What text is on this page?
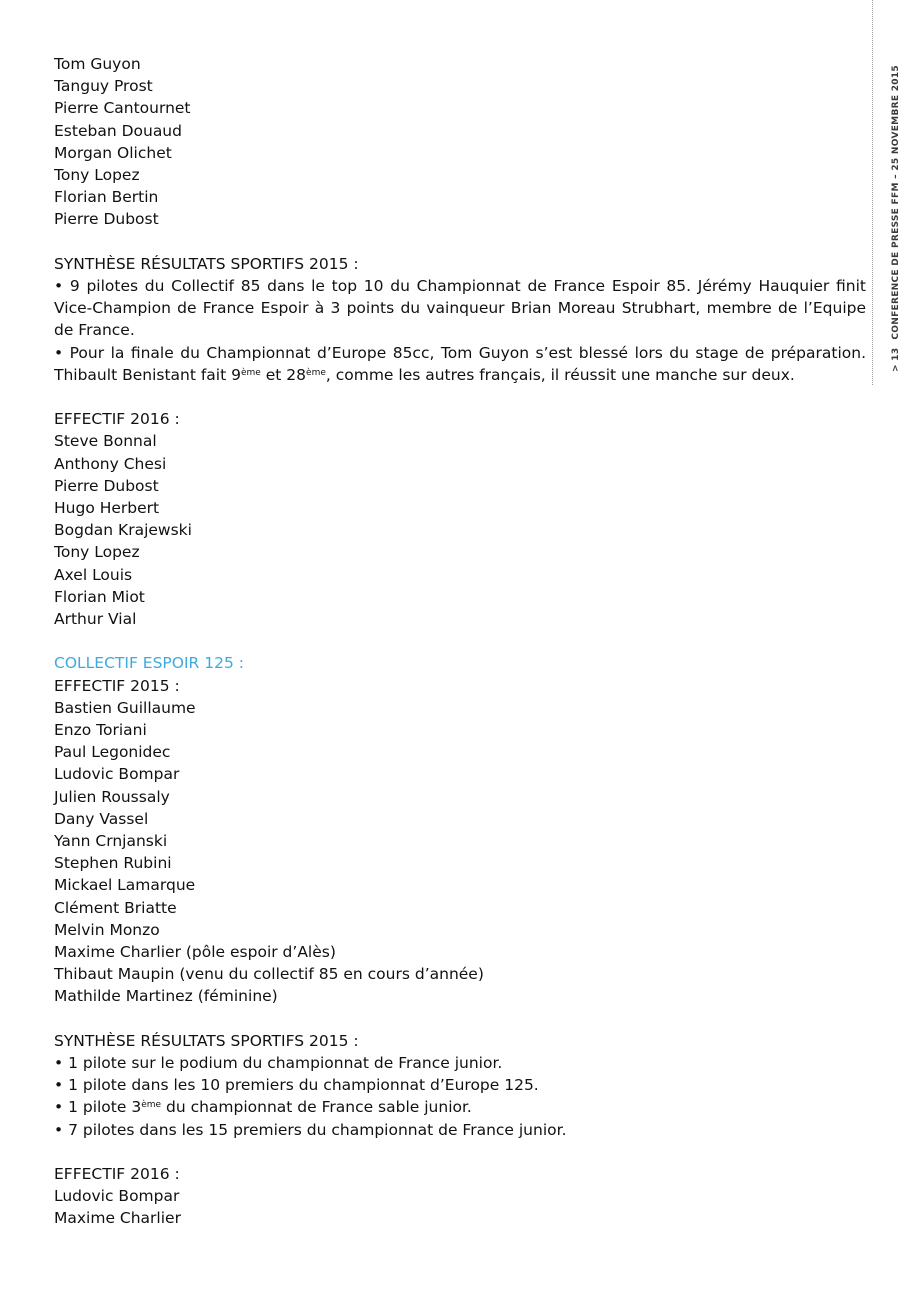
> 13CONFERENCE DE PRESSE FFM – 25 NOVEMBRE 2015
Tom Guyon
Tanguy Prost
Pierre Cantournet
Esteban Douaud
Morgan Olichet
Tony Lopez
Florian Bertin
Pierre Dubost
SYNTHÈSE RÉSULTATS SPORTIFS 2015 :
• 9 pilotes du Collectif 85 dans le top 10 du Championnat de France Espoir 85. Jérémy Hauquier finit Vice-Champion de France Espoir à 3 points du vainqueur Brian Moreau Strubhart, membre de l’Equipe de France.
• Pour la finale du Championnat d’Europe 85cc, Tom Guyon s’est blessé lors du stage de préparation. Thibault Benistant fait 9ème et 28ème, comme les autres français, il réussit une manche sur deux.
EFFECTIF 2016 :
Steve Bonnal
Anthony Chesi
Pierre Dubost
Hugo Herbert
Bogdan Krajewski
Tony Lopez
Axel Louis
Florian Miot
Arthur Vial
COLLECTIF ESPOIR 125 :
EFFECTIF 2015 :
Bastien Guillaume
Enzo Toriani
Paul Legonidec
Ludovic Bompar
Julien Roussaly
Dany Vassel
Yann Crnjanski
Stephen Rubini
Mickael Lamarque
Clément Briatte
Melvin Monzo
Maxime Charlier (pôle espoir d’Alès)
Thibaut Maupin (venu du collectif 85 en cours d’année)
Mathilde Martinez (féminine)
SYNTHÈSE RÉSULTATS SPORTIFS 2015 :
• 1 pilote sur le podium du championnat de France junior.
• 1 pilote dans les 10 premiers du championnat d’Europe 125.
• 1 pilote 3ème du championnat de France sable junior.
• 7 pilotes dans les 15 premiers du championnat de France junior.
EFFECTIF 2016 :
Ludovic Bompar
Maxime Charlier
